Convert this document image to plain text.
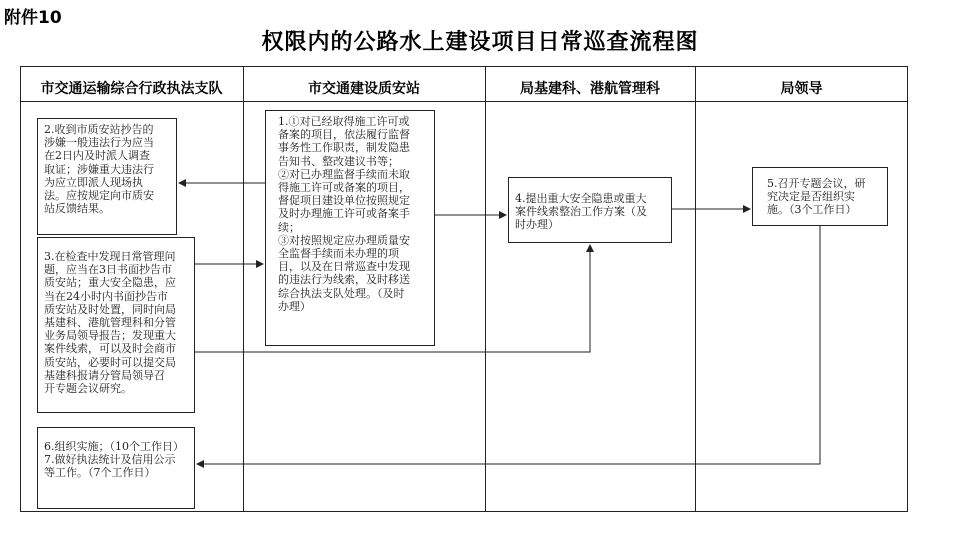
附件10
权限内的公路水上建设项目日常巡查流程图
市交通运输综合行政执法支队	市交通建设质安站	局基建科、港航管理科	局领导
2.收到市质安站抄告的
涉嫌一般违法行为应当
在2日内及时派人调查
取证；涉嫌重大违法行
为应立即派人现场执
法。应按规定向市质安
站反馈结果。
1.①对已经取得施工许可或
备案的项目，依法履行监督
事务性工作职责，制发隐患
告知书、整改建议书等；
②对已办理监督手续而未取
得施工许可或备案的项目，
督促项目建设单位按照规定
及时办理施工许可或备案手
续；
③对按照规定应办理质量安
全监督手续而未办理的项
目，以及在日常巡查中发现
的违法行为线索，及时移送
综合执法支队处理。（及时
办理）
4.提出重大安全隐患或重大
案件线索整治工作方案（及
时办理）
5.召开专题会议，研
究决定是否组织实
施。（3个工作日）
3.在检查中发现日常管理问
题，应当在3日书面抄告市
质安站；重大安全隐患，应
当在24小时内书面抄告市
质安站及时处置，同时向局
基建科、港航管理科和分管
业务局领导报告；发现重大
案件线索，可以及时会商市
质安站，必要时可以提交局
基建科报请分管局领导召
开专题会议研究。
6.组织实施；（10个工作日）
7.做好执法统计及信用公示
等工作。（7个工作日）
